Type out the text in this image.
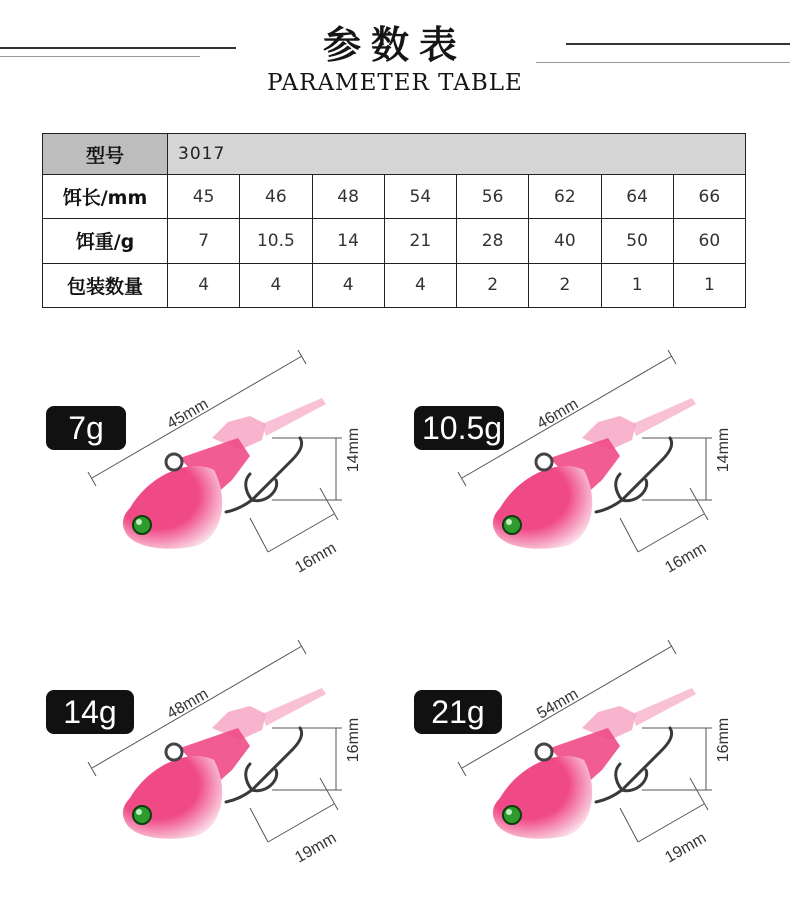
参数表
PARAMETER TABLE
型号	3017							
饵长/mm	45	46	48	54	56	62	64	66
饵重/g	7	10.5	14	21	28	40	50	60
包装数量	4	4	4	4	2	2	1	1
45mm
14mm
16mm
7g	46mm
14mm
16mm
10.5g
48mm
16mm
19mm
14g	54mm
16mm
19mm
21g
